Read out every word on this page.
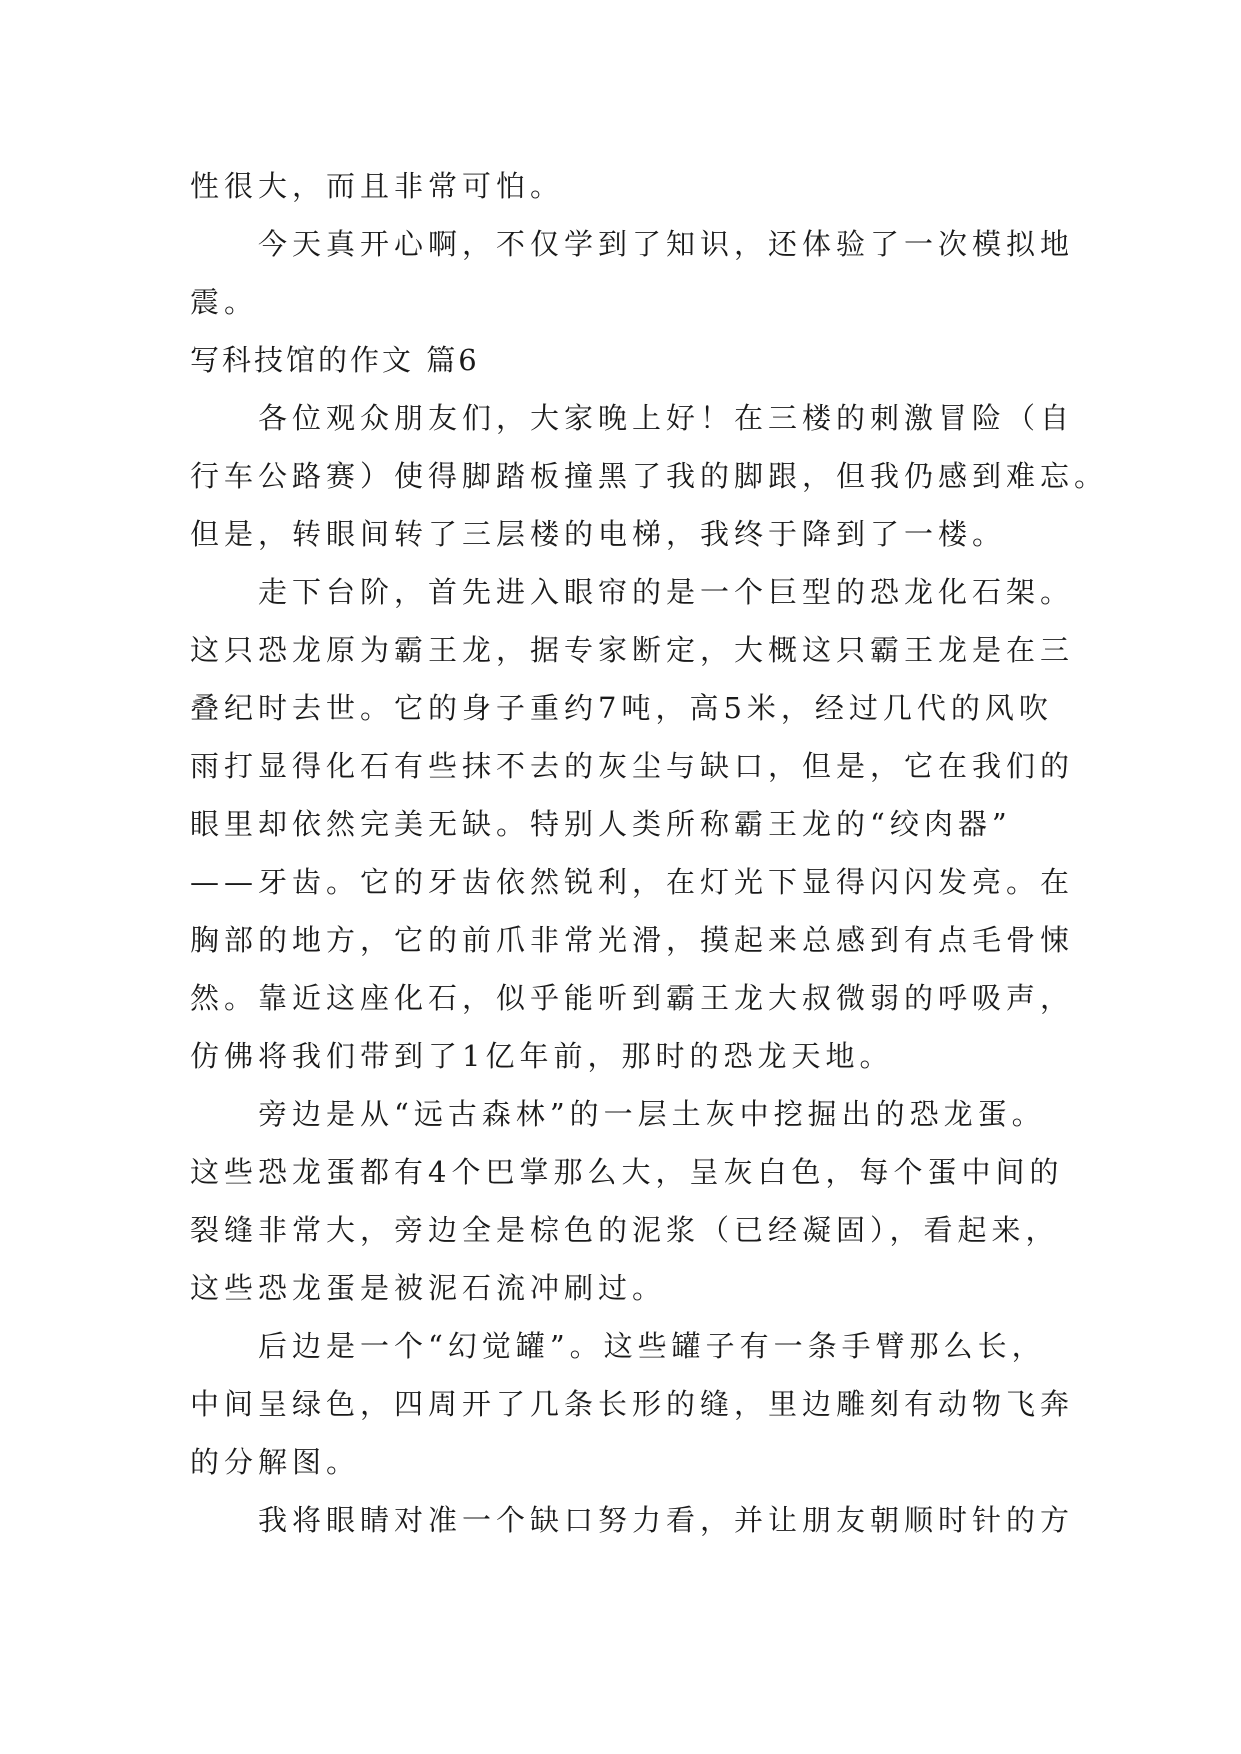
性很大，而且非常可怕。
　　今天真开心啊，不仅学到了知识，还体验了一次模拟地
震。
写科技馆的作文 篇6
　　各位观众朋友们，大家晚上好！在三楼的刺激冒险（自
行车公路赛）使得脚踏板撞黑了我的脚跟，但我仍感到难忘。
但是，转眼间转了三层楼的电梯，我终于降到了一楼。
　　走下台阶，首先进入眼帘的是一个巨型的恐龙化石架。
这只恐龙原为霸王龙，据专家断定，大概这只霸王龙是在三
叠纪时去世。它的身子重约7吨，高5米，经过几代的风吹
雨打显得化石有些抹不去的灰尘与缺口，但是，它在我们的
眼里却依然完美无缺。特别人类所称霸王龙的“绞肉器”
——牙齿。它的牙齿依然锐利，在灯光下显得闪闪发亮。在
胸部的地方，它的前爪非常光滑，摸起来总感到有点毛骨悚
然。靠近这座化石，似乎能听到霸王龙大叔微弱的呼吸声，
仿佛将我们带到了1亿年前，那时的恐龙天地。
　　旁边是从“远古森林”的一层土灰中挖掘出的恐龙蛋。
这些恐龙蛋都有4个巴掌那么大，呈灰白色，每个蛋中间的
裂缝非常大，旁边全是棕色的泥浆（已经凝固），看起来，
这些恐龙蛋是被泥石流冲刷过。
　　后边是一个“幻觉罐”。这些罐子有一条手臂那么长，
中间呈绿色，四周开了几条长形的缝，里边雕刻有动物飞奔
的分解图。
　　我将眼睛对准一个缺口努力看，并让朋友朝顺时针的方
